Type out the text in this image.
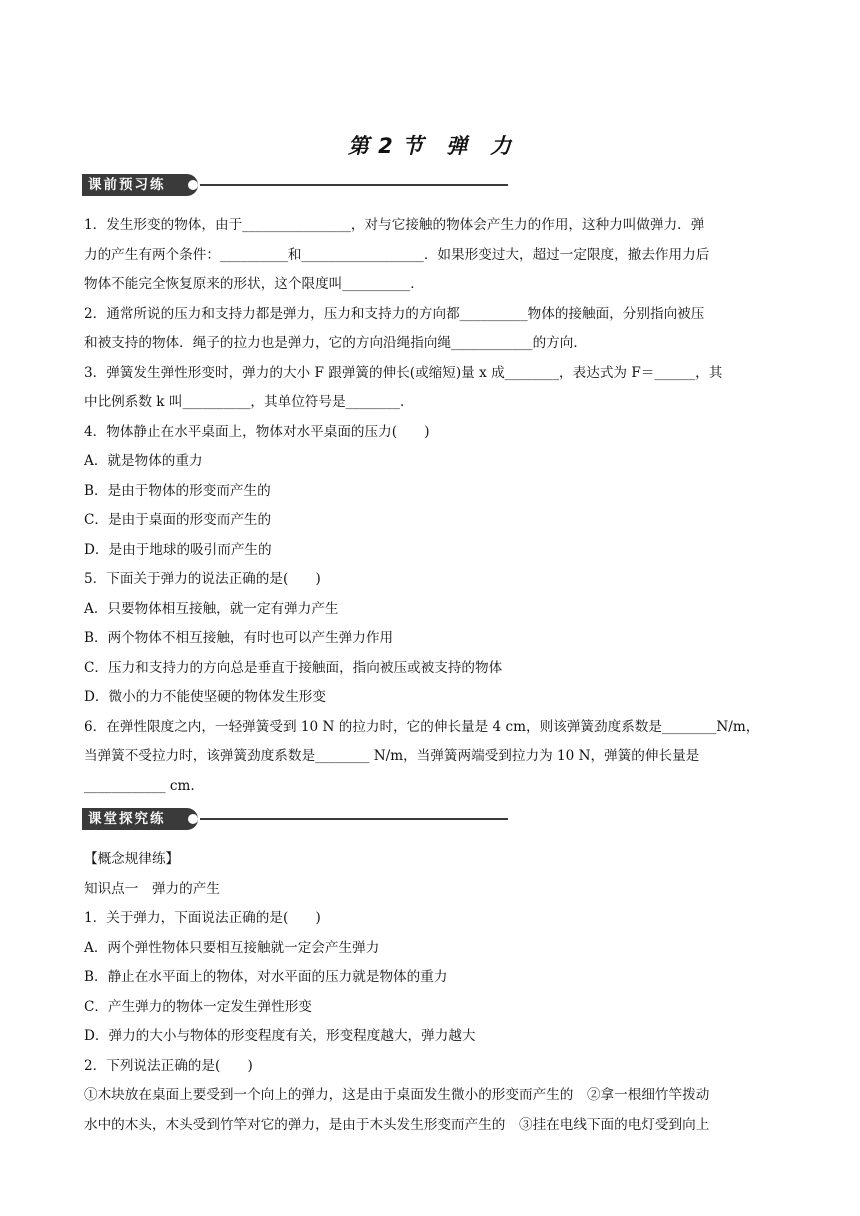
第 2 节　弹　力
课前预习练
1．发生形变的物体，由于________________，对与它接触的物体会产生力的作用，这种力叫做弹力．弹
力的产生有两个条件：__________和__________________．如果形变过大，超过一定限度，撤去作用力后
物体不能完全恢复原来的形状，这个限度叫__________．
2．通常所说的压力和支持力都是弹力，压力和支持力的方向都__________物体的接触面，分别指向被压
和被支持的物体．绳子的拉力也是弹力，它的方向沿绳指向绳____________的方向．
3．弹簧发生弹性形变时，弹力的大小 F 跟弹簧的伸长(或缩短)量 x 成________，表达式为 F＝______，其
中比例系数 k 叫__________，其单位符号是________．
4．物体静止在水平桌面上，物体对水平桌面的压力(　　)
A．就是物体的重力
B．是由于物体的形变而产生的
C．是由于桌面的形变而产生的
D．是由于地球的吸引而产生的
5．下面关于弹力的说法正确的是(　　)
A．只要物体相互接触，就一定有弹力产生
B．两个物体不相互接触，有时也可以产生弹力作用
C．压力和支持力的方向总是垂直于接触面，指向被压或被支持的物体
D．微小的力不能使坚硬的物体发生形变
6．在弹性限度之内，一轻弹簧受到 10 N 的拉力时，它的伸长量是 4 cm，则该弹簧劲度系数是________N/m，
当弹簧不受拉力时，该弹簧劲度系数是________ N/m，当弹簧两端受到拉力为 10 N，弹簧的伸长量是
____________ cm.
课堂探究练
【概念规律练】
知识点一　弹力的产生
1．关于弹力，下面说法正确的是(　　)
A．两个弹性物体只要相互接触就一定会产生弹力
B．静止在水平面上的物体，对水平面的压力就是物体的重力
C．产生弹力的物体一定发生弹性形变
D．弹力的大小与物体的形变程度有关，形变程度越大，弹力越大
2．下列说法正确的是(　　)
①木块放在桌面上要受到一个向上的弹力，这是由于桌面发生微小的形变而产生的　②拿一根细竹竿拨动
水中的木头，木头受到竹竿对它的弹力，是由于木头发生形变而产生的　③挂在电线下面的电灯受到向上
